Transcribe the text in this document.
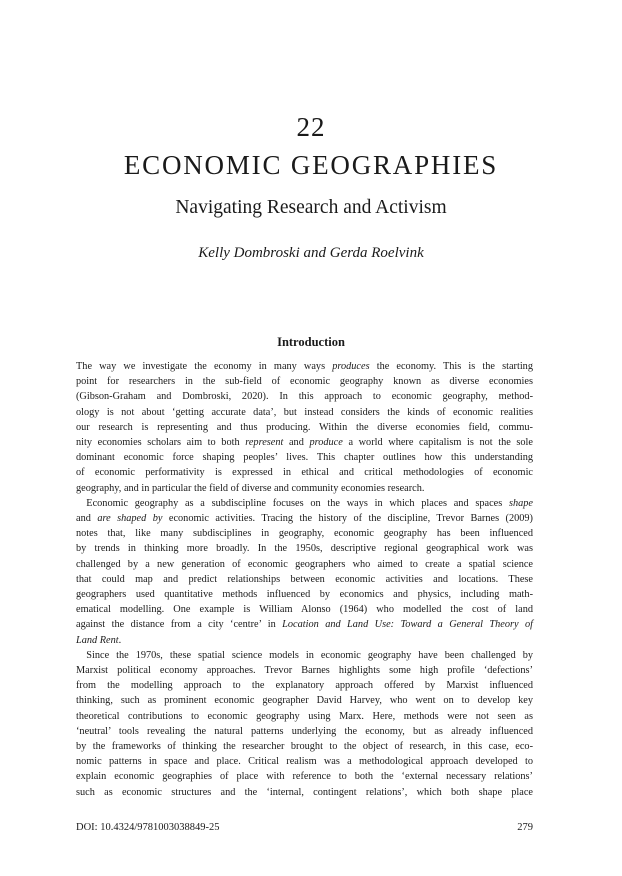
22
ECONOMIC GEOGRAPHIES
Navigating Research and Activism
Kelly Dombroski and Gerda Roelvink
Introduction

The way we investigate the economy in many ways produces the economy. This is the starting
point for researchers in the sub-field of economic geography known as diverse economies
(Gibson-Graham and Dombroski, 2020). In this approach to economic geography, method-
ology is not about ‘getting accurate data’, but instead considers the kinds of economic realities
our research is representing and thus producing. Within the diverse economies field, commu-
nity economies scholars aim to both represent and produce a world where capitalism is not the sole
dominant economic force shaping peoples’ lives. This chapter outlines how this understanding
of economic performativity is expressed in ethical and critical methodologies of economic
geography, and in particular the field of diverse and community economies research.

 Economic geography as a subdiscipline focuses on the ways in which places and spaces shape
and are shaped by economic activities. Tracing the history of the discipline, Trevor Barnes (2009)
notes that, like many subdisciplines in geography, economic geography has been influenced
by trends in thinking more broadly. In the 1950s, descriptive regional geographical work was
challenged by a new generation of economic geographers who aimed to create a spatial science
that could map and predict relationships between economic activities and locations. These
geographers used quantitative methods influenced by economics and physics, including math-
ematical modelling. One example is William Alonso (1964) who modelled the cost of land
against the distance from a city ‘centre’ in Location and Land Use: Toward a General Theory of
Land Rent.

 Since the 1970s, these spatial science models in economic geography have been challenged by
Marxist political economy approaches. Trevor Barnes highlights some high profile ‘defections’
from the modelling approach to the explanatory approach offered by Marxist influenced
thinking, such as prominent economic geographer David Harvey, who went on to develop key
theoretical contributions to economic geography using Marx. Here, methods were not seen as
‘neutral’ tools revealing the natural patterns underlying the economy, but as already influenced
by the frameworks of thinking the researcher brought to the object of research, in this case, eco-
nomic patterns in space and place. Critical realism was a methodological approach developed to
explain economic geographies of place with reference to both the ‘external necessary relations’
such as economic structures and the ‘internal, contingent relations’, which both shape place

DOI: 10.4324/9781003038849-25	279
